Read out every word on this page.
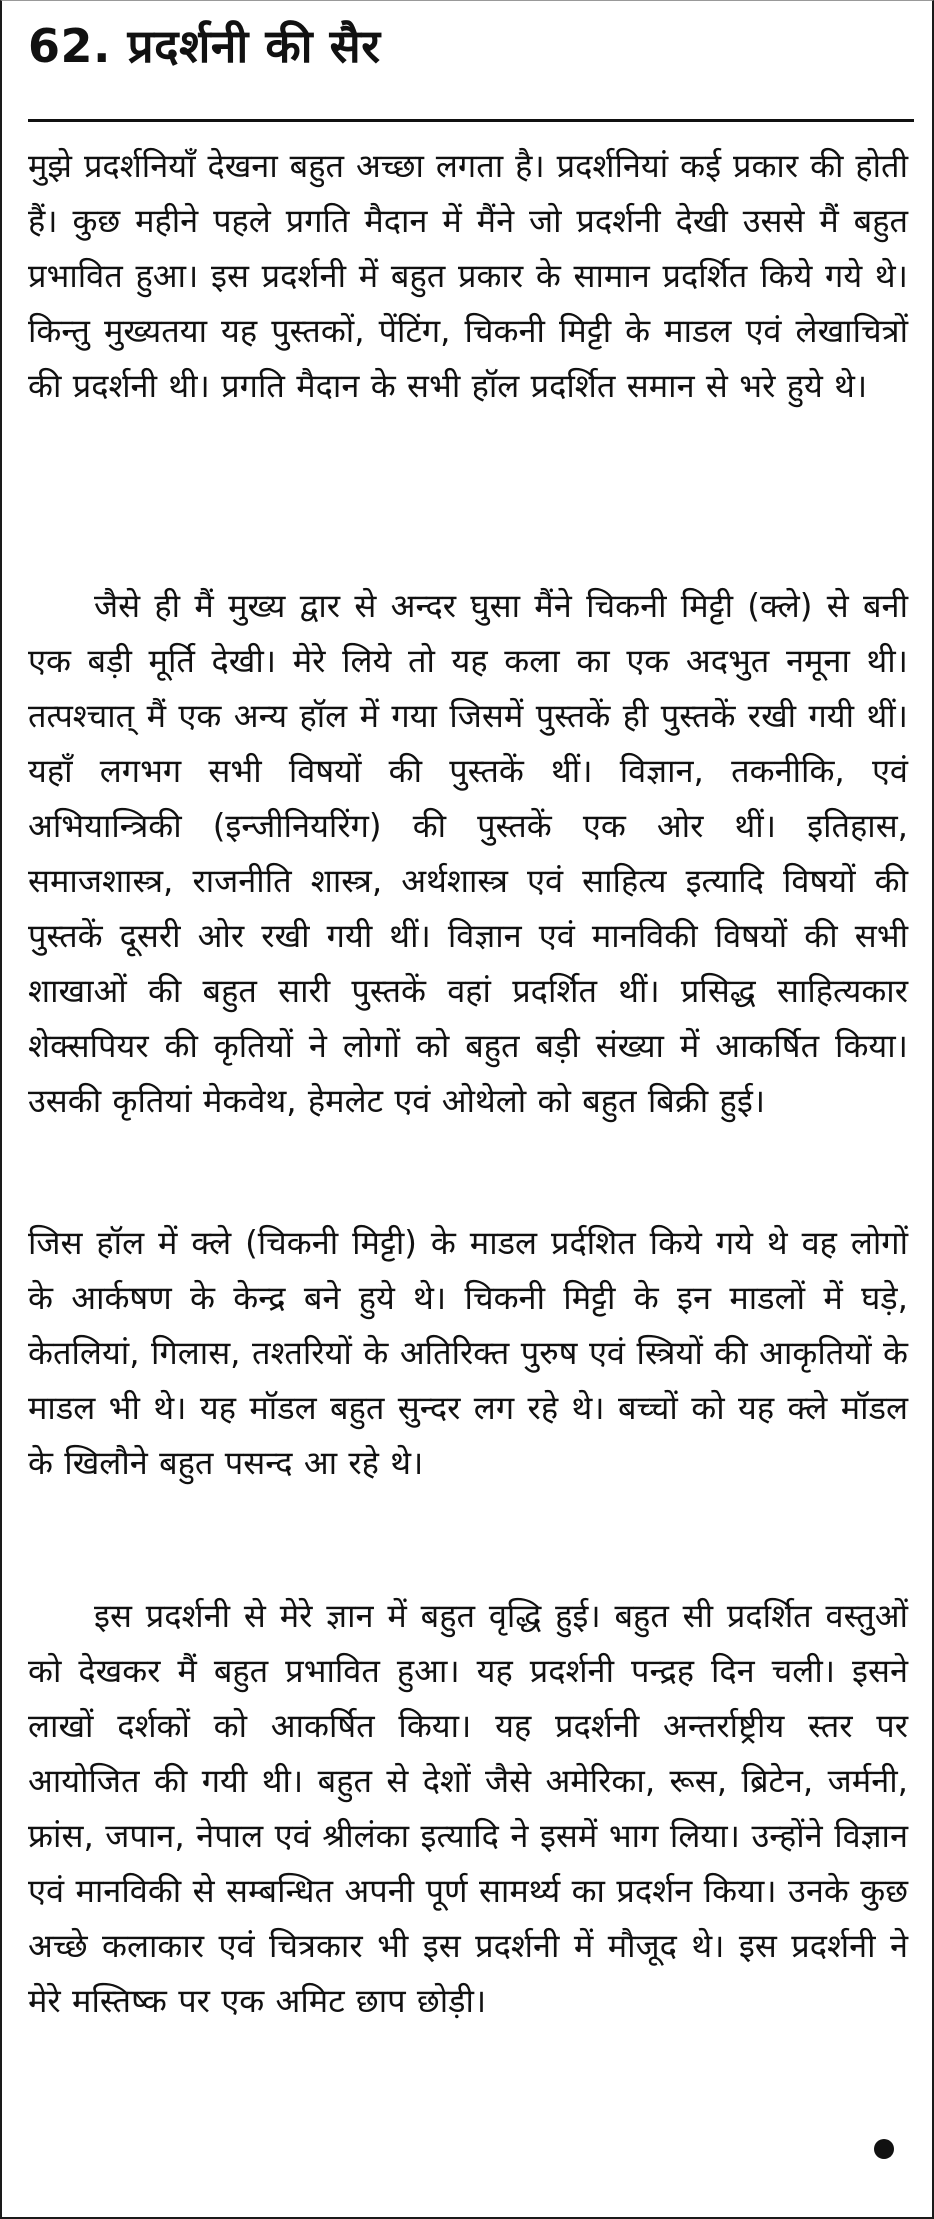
62. प्रदर्शनी की सैर

मुझे प्रदर्शनियाँ देखना बहुत अच्छा लगता है। प्रदर्शनियां कई प्रकार की होती हैं। कुछ महीने पहले प्रगति मैदान में मैंने जो प्रदर्शनी देखी उससे मैं बहुत प्रभावित हुआ। इस प्रदर्शनी में बहुत प्रकार के सामान प्रदर्शित किये गये थे। किन्तु मुख्यतया यह पुस्तकों, पेंटिंग, चिकनी मिट्टी के माडल एवं लेखाचित्रों की प्रदर्शनी थी। प्रगति मैदान के सभी हॉल प्रदर्शित समान से भरे हुये थे।

जैसे ही मैं मुख्य द्वार से अन्दर घुसा मैंने चिकनी मिट्टी (क्ले) से बनी एक बड़ी मूर्ति देखी। मेरे लिये तो यह कला का एक अदभुत नमूना थी। तत्पश्चात् मैं एक अन्य हॉल में गया जिसमें पुस्तकें ही पुस्तकें रखी गयी थीं। यहाँ लगभग सभी विषयों की पुस्तकें थीं। विज्ञान, तकनीकि, एवं अभियान्त्रिकी (इन्जीनियरिंग) की पुस्तकें एक ओर थीं। इतिहास, समाजशास्त्र, राजनीति शास्त्र, अर्थशास्त्र एवं साहित्य इत्यादि विषयों की पुस्तकें दूसरी ओर रखी गयी थीं। विज्ञान एवं मानविकी विषयों की सभी शाखाओं की बहुत सारी पुस्तकें वहां प्रदर्शित थीं। प्रसिद्ध साहित्यकार शेक्सपियर की कृतियों ने लोगों को बहुत बड़ी संख्या में आकर्षित किया। उसकी कृतियां मेकवेथ, हेमलेट एवं ओथेलो को बहुत बिक्री हुई।

जिस हॉल में क्ले (चिकनी मिट्टी) के माडल प्रर्दशित किये गये थे वह लोगों के आर्कषण के केन्द्र बने हुये थे। चिकनी मिट्टी के इन माडलों में घड़े, केतलियां, गिलास, तश्तरियों के अतिरिक्त पुरुष एवं स्त्रियों की आकृतियों के माडल भी थे। यह मॉडल बहुत सुन्दर लग रहे थे। बच्चों को यह क्ले मॉडल के खिलौने बहुत पसन्द आ रहे थे।

इस प्रदर्शनी से मेरे ज्ञान में बहुत वृद्धि हुई। बहुत सी प्रदर्शित वस्तुओं को देखकर मैं बहुत प्रभावित हुआ। यह प्रदर्शनी पन्द्रह दिन चली। इसने लाखों दर्शकों को आकर्षित किया। यह प्रदर्शनी अन्तर्राष्ट्रीय स्तर पर आयोजित की गयी थी। बहुत से देशों जैसे अमेरिका, रूस, ब्रिटेन, जर्मनी, फ्रांस, जपान, नेपाल एवं श्रीलंका इत्यादि ने इसमें भाग लिया। उन्होंने विज्ञान एवं मानविकी से सम्बन्धित अपनी पूर्ण सामर्थ्य का प्रदर्शन किया। उनके कुछ अच्छे कलाकार एवं चित्रकार भी इस प्रदर्शनी में मौजूद थे। इस प्रदर्शनी ने मेरे मस्तिष्क पर एक अमिट छाप छोड़ी।
